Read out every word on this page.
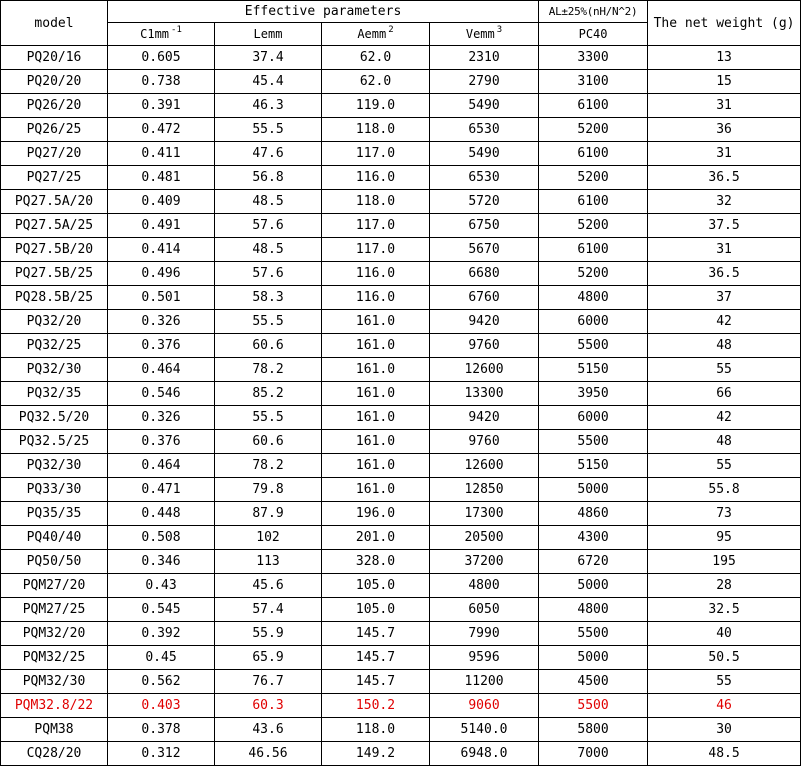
model	Effective parameters				AL±25%(nH/N^2)	The net weight (g)
	C1mm $^{-1}$	Lemm	Aemm $^2$	Vemm $^3$	PC40	
PQ20/16	0.605	37.4	62.0	2310	3300	13
PQ20/20	0.738	45.4	62.0	2790	3100	15
PQ26/20	0.391	46.3	119.0	5490	6100	31
PQ26/25	0.472	55.5	118.0	6530	5200	36
PQ27/20	0.411	47.6	117.0	5490	6100	31
PQ27/25	0.481	56.8	116.0	6530	5200	36.5
PQ27.5A/20	0.409	48.5	118.0	5720	6100	32
PQ27.5A/25	0.491	57.6	117.0	6750	5200	37.5
PQ27.5B/20	0.414	48.5	117.0	5670	6100	31
PQ27.5B/25	0.496	57.6	116.0	6680	5200	36.5
PQ28.5B/25	0.501	58.3	116.0	6760	4800	37
PQ32/20	0.326	55.5	161.0	9420	6000	42
PQ32/25	0.376	60.6	161.0	9760	5500	48
PQ32/30	0.464	78.2	161.0	12600	5150	55
PQ32/35	0.546	85.2	161.0	13300	3950	66
PQ32.5/20	0.326	55.5	161.0	9420	6000	42
PQ32.5/25	0.376	60.6	161.0	9760	5500	48
PQ32/30	0.464	78.2	161.0	12600	5150	55
PQ33/30	0.471	79.8	161.0	12850	5000	55.8
PQ35/35	0.448	87.9	196.0	17300	4860	73
PQ40/40	0.508	102	201.0	20500	4300	95
PQ50/50	0.346	113	328.0	37200	6720	195
PQM27/20	0.43	45.6	105.0	4800	5000	28
PQM27/25	0.545	57.4	105.0	6050	4800	32.5
PQM32/20	0.392	55.9	145.7	7990	5500	40
PQM32/25	0.45	65.9	145.7	9596	5000	50.5
PQM32/30	0.562	76.7	145.7	11200	4500	55
PQM32.8/22	0.403	60.3	150.2	9060	5500	46
PQM38	0.378	43.6	118.0	5140.0	5800	30
CQ28/20	0.312	46.56	149.2	6948.0	7000	48.5
